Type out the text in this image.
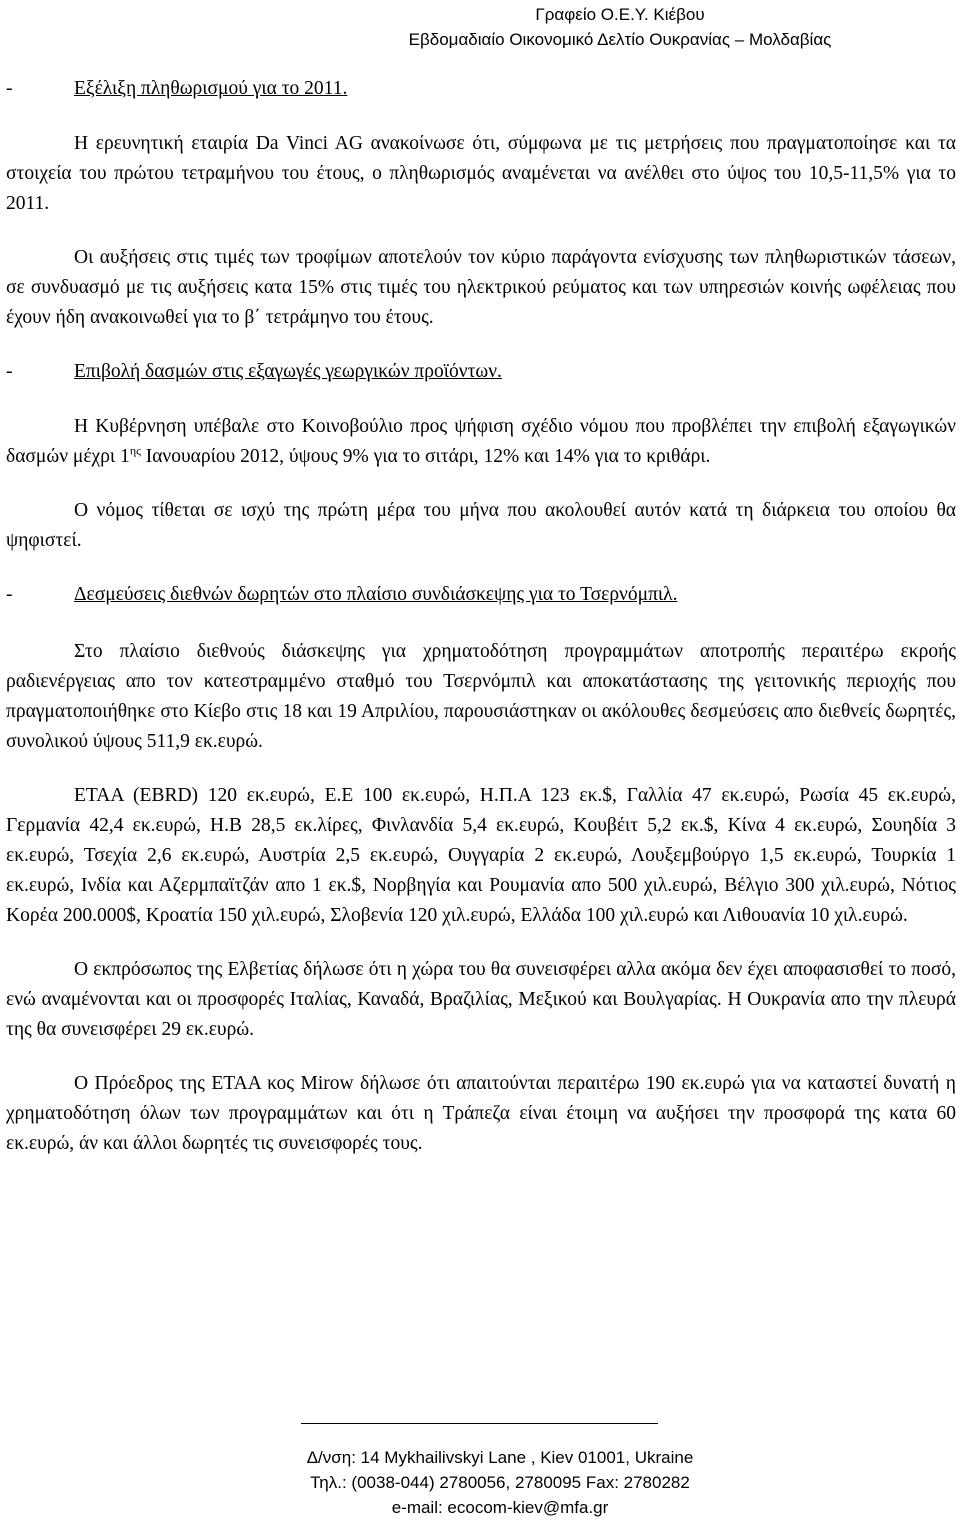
Γραφείο Ο.Ε.Υ. Κιέβου
Εβδομαδιαίο Οικονομικό Δελτίο Ουκρανίας – Μολδαβίας

-	Εξέλιξη πληθωρισμού για το 2011.

Η ερευνητική εταιρία Da Vinci AG ανακοίνωσε ότι, σύμφωνα με τις μετρήσεις που πραγματοποίησε και τα στοιχεία του πρώτου τετραμήνου του έτους, ο πληθωρισμός αναμένεται να ανέλθει στο ύψος του 10,5-11,5% για το 2011.

Οι αυξήσεις στις τιμές των τροφίμων αποτελούν τον κύριο παράγοντα ενίσχυσης των πληθωριστικών τάσεων, σε συνδυασμό με τις αυξήσεις κατα 15% στις τιμές του ηλεκτρικού ρεύματος και των υπηρεσιών κοινής ωφέλειας που έχουν ήδη ανακοινωθεί για το β΄ τετράμηνο του έτους.

-	Επιβολή δασμών στις εξαγωγές γεωργικών προϊόντων.

Η Κυβέρνηση υπέβαλε στο Κοινοβούλιο προς ψήφιση σχέδιο νόμου που προβλέπει την επιβολή εξαγωγικών δασμών μέχρι $1^{\eta\varsigma}$ Ιανουαρίου 2012, ύψους 9% για το σιτάρι, 12% και 14% για το κριθάρι.

Ο νόμος τίθεται σε ισχύ της πρώτη μέρα του μήνα που ακολουθεί αυτόν κατά τη διάρκεια του οποίου θα ψηφιστεί.

-	Δεσμεύσεις διεθνών δωρητών στο πλαίσιο συνδιάσκεψης για το Τσερνόμπιλ.

Στο πλαίσιο διεθνούς διάσκεψης για χρηματοδότηση προγραμμάτων αποτροπής περαιτέρω εκροής ραδιενέργειας απο τον κατεστραμμένο σταθμό του Τσερνόμπιλ και αποκατάστασης της γειτονικής περιοχής που πραγματοποιήθηκε στο Κίεβο στις 18 και 19 Απριλίου, παρουσιάστηκαν οι ακόλουθες δεσμεύσεις απο διεθνείς δωρητές, συνολικού ύψους 511,9 εκ.ευρώ.

ΕΤΑΑ (EBRD) 120 εκ.ευρώ, Ε.Ε 100 εκ.ευρώ, Η.Π.Α 123 εκ.$, Γαλλία 47 εκ.ευρώ, Ρωσία 45 εκ.ευρώ, Γερμανία 42,4 εκ.ευρώ, Η.Β 28,5 εκ.λίρες, Φινλανδία 5,4 εκ.ευρώ, Κουβέιτ 5,2 εκ.$, Κίνα 4 εκ.ευρώ, Σουηδία 3 εκ.ευρώ, Τσεχία 2,6 εκ.ευρώ, Αυστρία 2,5 εκ.ευρώ, Ουγγαρία 2 εκ.ευρώ, Λουξεμβούργο 1,5 εκ.ευρώ, Τουρκία 1 εκ.ευρώ, Ινδία και Αζερμπαϊτζάν απο 1 εκ.$, Νορβηγία και Ρουμανία απο 500 χιλ.ευρώ, Βέλγιο 300 χιλ.ευρώ, Νότιος Κορέα 200.000$, Κροατία 150 χιλ.ευρώ, Σλοβενία 120 χιλ.ευρώ, Ελλάδα 100 χιλ.ευρώ και Λιθουανία 10 χιλ.ευρώ.

Ο εκπρόσωπος της Ελβετίας δήλωσε ότι η χώρα του θα συνεισφέρει αλλα ακόμα δεν έχει αποφασισθεί το ποσό, ενώ αναμένονται και οι προσφορές Ιταλίας, Καναδά, Βραζιλίας, Μεξικού και Βουλγαρίας. Η Ουκρανία απο την πλευρά της θα συνεισφέρει 29 εκ.ευρώ.

Ο Πρόεδρος της ΕΤΑΑ κος Mirow δήλωσε ότι απαιτούνται περαιτέρω 190 εκ.ευρώ για να καταστεί δυνατή η χρηματοδότηση όλων των προγραμμάτων και ότι η Τράπεζα είναι έτοιμη να αυξήσει την προσφορά της κατα 60 εκ.ευρώ, άν και άλλοι δωρητές τις συνεισφορές τους.

Δ/νση: 14 Mykhailivskyi Lane , Kiev 01001, Ukraine
Τηλ.: (0038-044) 2780056, 2780095 Fax: 2780282
e-mail: ecocom-kiev@mfa.gr
